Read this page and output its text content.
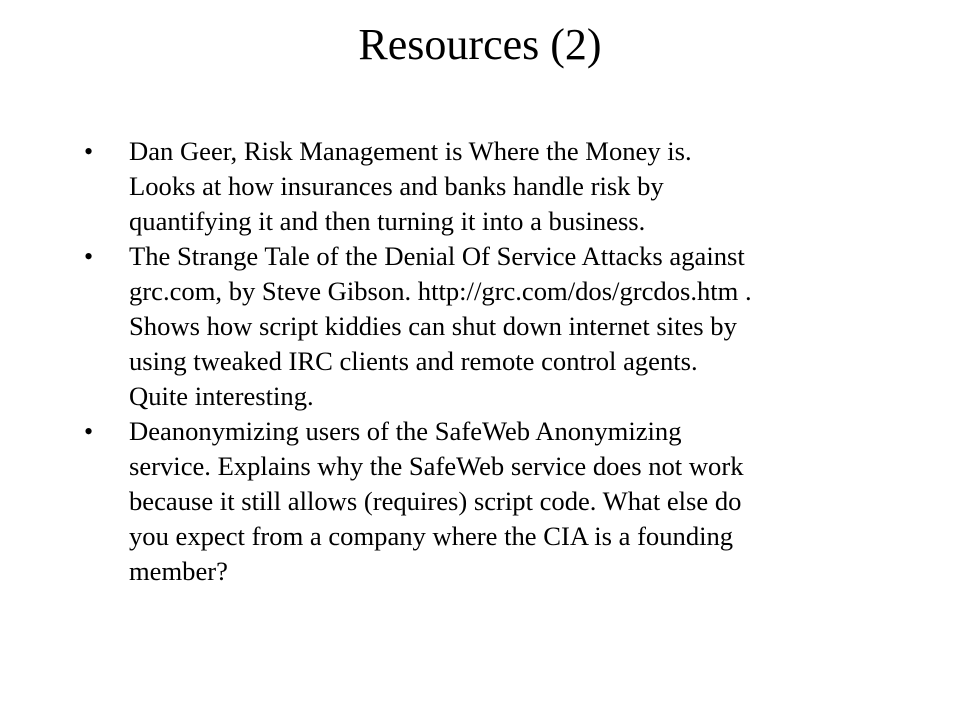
Resources (2)
•	Dan Geer, Risk Management is Where the Money is.
Looks at how insurances and banks handle risk by
quantifying it and then turning it into a business.
•	The Strange Tale of the Denial Of Service Attacks against
grc.com, by Steve Gibson. http://grc.com/dos/grcdos.htm .
Shows how script kiddies can shut down internet sites by
using tweaked IRC clients and remote control agents.
Quite interesting.
•	Deanonymizing users of the SafeWeb Anonymizing
service. Explains why the SafeWeb service does not work
because it still allows (requires) script code. What else do
you expect from a company where the CIA is a founding
member?
